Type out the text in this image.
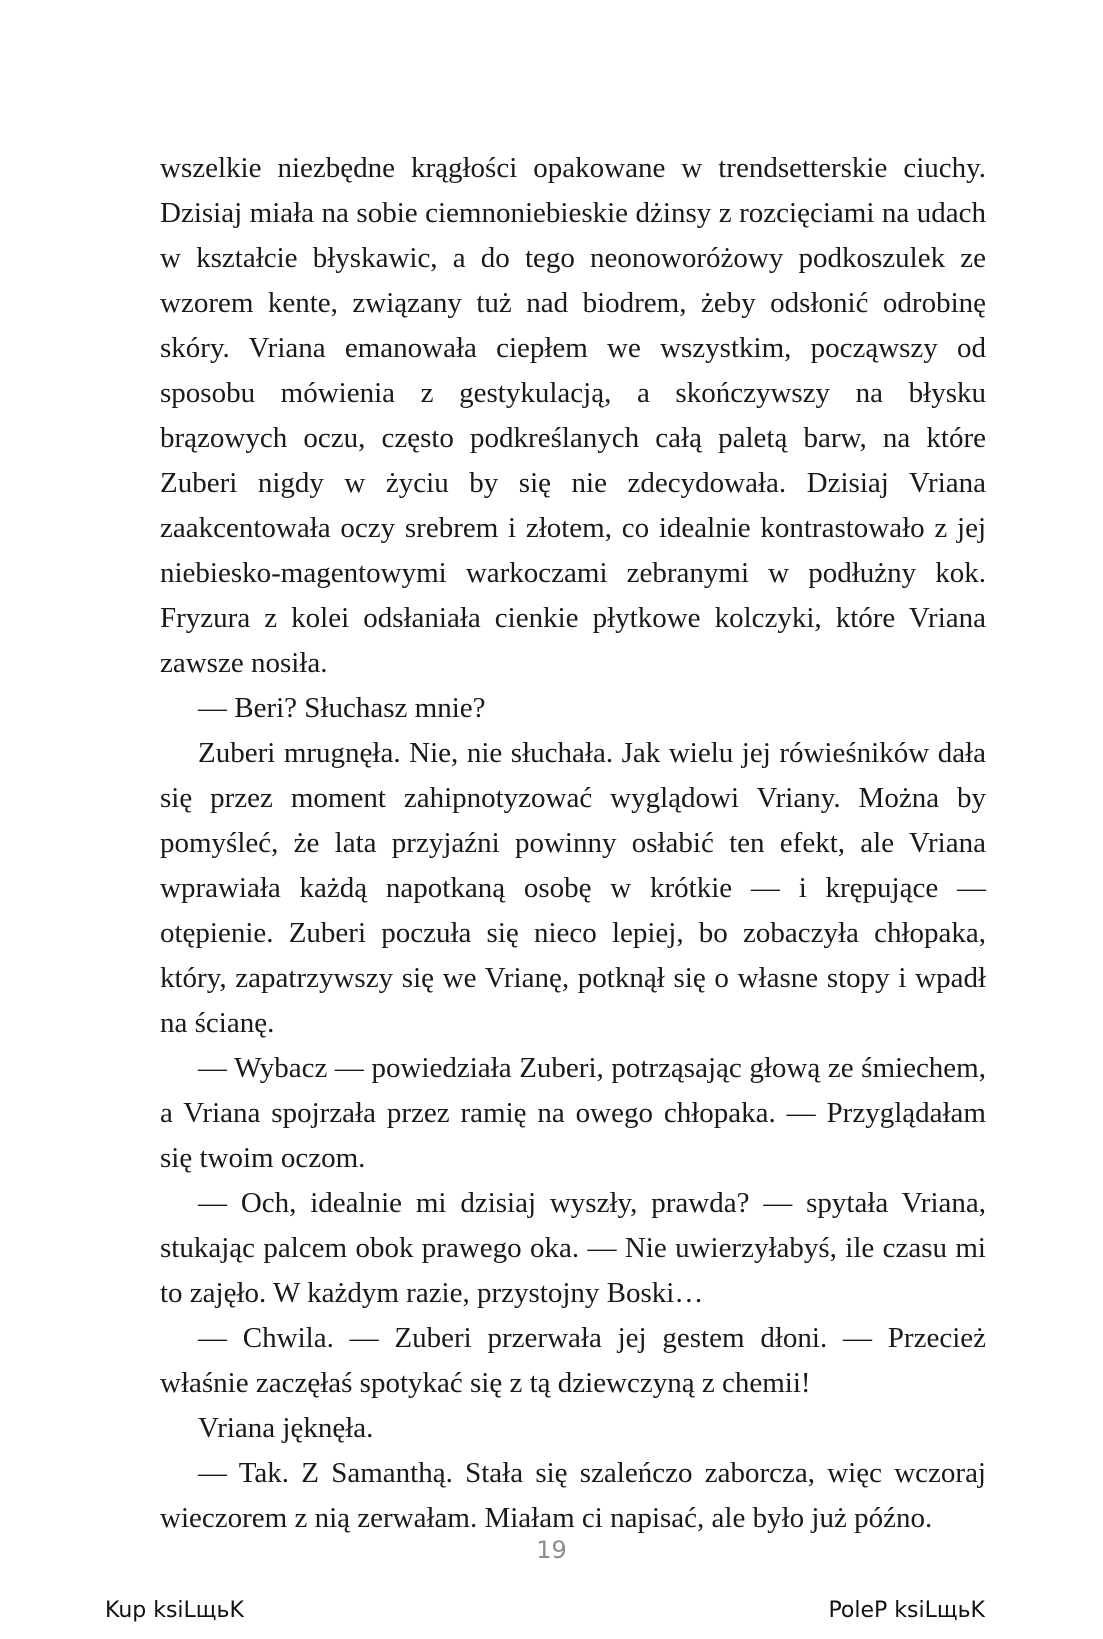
wszelkie niezbędne krągłości opakowane w trendsetterskie ciuchy. Dzisiaj miała na sobie ciemnoniebieskie dżinsy z rozcięciami na udach w kształcie błyskawic, a do tego neonoworóżowy podkoszulek ze wzorem kente, związany tuż nad biodrem, żeby odsłonić odrobinę skóry. Vriana emanowała ciepłem we wszystkim, począwszy od sposobu mówienia z gestykulacją, a skończywszy na błysku brązowych oczu, często podkreślanych całą paletą barw, na które Zuberi nigdy w życiu by się nie zdecydowała. Dzisiaj Vriana zaakcentowała oczy srebrem i złotem, co idealnie kontrastowało z jej niebiesko-magentowymi warkoczami zebranymi w podłużny kok. Fryzura z kolei odsłaniała cienkie płytkowe kolczyki, które Vriana zawsze nosiła.

— Beri? Słuchasz mnie?

Zuberi mrugnęła. Nie, nie słuchała. Jak wielu jej rówieśników dała się przez moment zahipnotyzować wyglądowi Vriany. Można by pomyśleć, że lata przyjaźni powinny osłabić ten efekt, ale Vriana wprawiała każdą napotkaną osobę w krótkie — i krępujące — otępienie. Zuberi poczuła się nieco lepiej, bo zobaczyła chłopaka, który, zapatrzywszy się we Vrianę, potknął się o własne stopy i wpadł na ścianę.

— Wybacz — powiedziała Zuberi, potrząsając głową ze śmiechem, a Vriana spojrzała przez ramię na owego chłopaka. — Przyglądałam się twoim oczom.

— Och, idealnie mi dzisiaj wyszły, prawda? — spytała Vriana, stukając palcem obok prawego oka. — Nie uwierzyłabyś, ile czasu mi to zajęło. W każdym razie, przystojny Boski…

— Chwila. — Zuberi przerwała jej gestem dłoni. — Przecież właśnie zaczęłaś spotykać się z tą dziewczyną z chemii!

Vriana jęknęła.

— Tak. Z Samanthą. Stała się szaleńczo zaborcza, więc wczoraj wieczorem z nią zerwałam. Miałam ci napisać, ale było już późno.

19
Kup ksiLщьK	PoleP ksiLщьK
